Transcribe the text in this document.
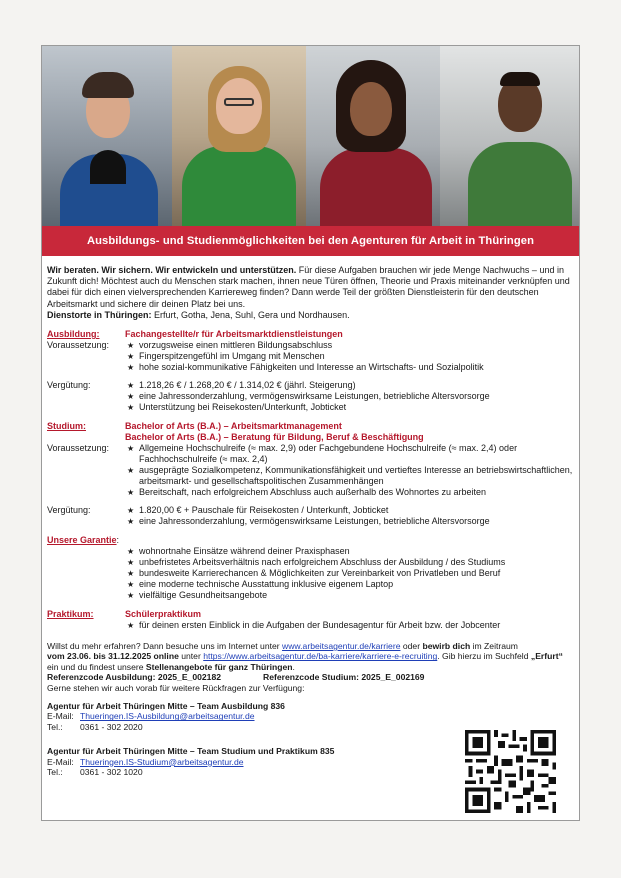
Ausbildungs- und Studienmöglichkeiten bei den Agenturen für Arbeit in Thüringen

Wir beraten. Wir sichern. Wir entwickeln und unterstützen. Für diese Aufgaben brauchen wir jede Menge Nachwuchs – und in Zukunft dich! Möchtest auch du Menschen stark machen, ihnen neue Türen öffnen, Theorie und Praxis miteinander verknüpfen und dabei für dich einen vielversprechenden Karriereweg finden? Dann werde Teil der größten Dienstleisterin für den deutschen Arbeitsmarkt und sichere dir deinen Platz bei uns.
Dienstorte in Thüringen: Erfurt, Gotha, Jena, Suhl, Gera und Nordhausen.

Ausbildung:	Fachangestellte/r für Arbeitsmarktdienstleistungen
Voraussetzung:	★ vorzugsweise einen mittleren Bildungsabschluss
★ Fingerspitzengefühl im Umgang mit Menschen
★ hohe sozial-kommunikative Fähigkeiten und Interesse an Wirtschafts- und Sozialpolitik
Vergütung:	★ 1.218,26 € / 1.268,20 € / 1.314,02 € (jährl. Steigerung)
★ eine Jahressonderzahlung, vermögenswirksame Leistungen, betriebliche Altersvorsorge
★ Unterstützung bei Reisekosten/Unterkunft, Jobticket
Studium:	Bachelor of Arts (B.A.) – Arbeitsmarktmanagement
Bachelor of Arts (B.A.) – Beratung für Bildung, Beruf & Beschäftigung
Voraussetzung:	★ Allgemeine Hochschulreife (≈ max. 2,9) oder Fachgebundene Hochschulreife (≈ max. 2,4) oder Fachhochschulreife (≈ max. 2,4)
★ ausgeprägte Sozialkompetenz, Kommunikationsfähigkeit und vertieftes Interesse an betriebswirtschaftlichen, arbeitsmarkt- und gesellschaftspolitischen Zusammenhängen
★ Bereitschaft, nach erfolgreichem Abschluss auch außerhalb des Wohnortes zu arbeiten
Vergütung:	★ 1.820,00 € + Pauschale für Reisekosten / Unterkunft, Jobticket
★ eine Jahressonderzahlung, vermögenswirksame Leistungen, betriebliche Altersvorsorge
Unsere Garantie :
★ wohnortnahe Einsätze während deiner Praxisphasen
★ unbefristetes Arbeitsverhältnis nach erfolgreichem Abschluss der Ausbildung / des Studiums
★ bundesweite Karrierechancen & Möglichkeiten zur Vereinbarkeit von Privatleben und Beruf
★ eine moderne technische Ausstattung inklusive eigenem Laptop
★ vielfältige Gesundheitsangebote
Praktikum:	Schülerpraktikum
★ für deinen ersten Einblick in die Aufgaben der Bundesagentur für Arbeit bzw. der Jobcenter

Willst du mehr erfahren? Dann besuche uns im Internet unter www.arbeitsagentur.de/karriere oder bewirb dich im Zeitraum
vom 23.06. bis 31.12.2025 online unter https://www.arbeitsagentur.de/ba-karriere/karriere-e-recruiting. Gib hierzu im Suchfeld „Erfurt“ ein und du findest unsere Stellenangebote für ganz Thüringen.

Referenzcode Ausbildung: 2025_E_002182	Referenzcode Studium: 2025_E_002169

Gerne stehen wir auch vorab für weitere Rückfragen zur Verfügung:

Agentur für Arbeit Thüringen Mitte – Team Ausbildung 836

E-Mail: Thueringen.IS-Ausbildung@arbeitsagentur.de
Tel.:	0361 - 302 2020

Agentur für Arbeit Thüringen Mitte – Team Studium und Praktikum 835

E-Mail: Thueringen.IS-Studium@arbeitsagentur.de
Tel.:	0361 - 302 1020
